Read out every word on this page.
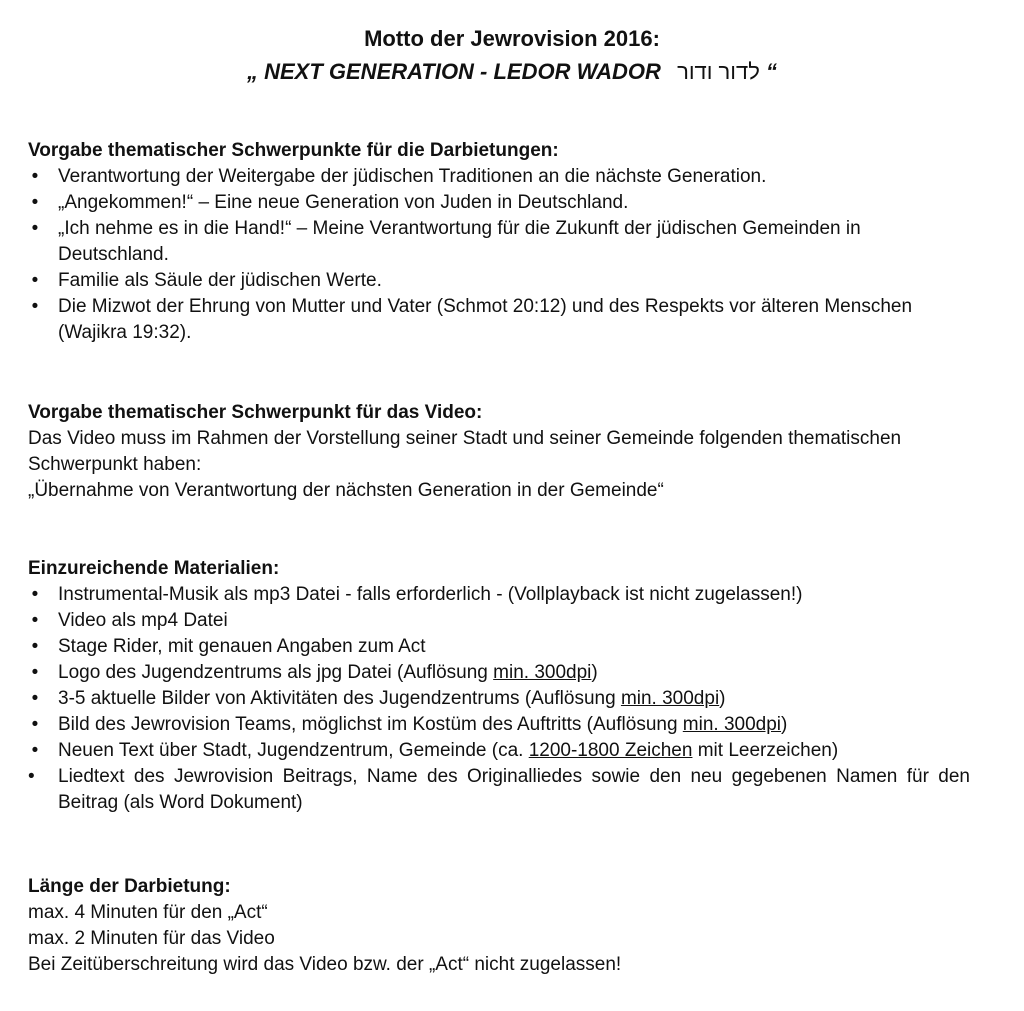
Motto der Jewrovision 2016:
„ NEXT GENERATION - LEDOR WADOR לדור ודור “
Vorgabe thematischer Schwerpunkte für die Darbietungen:
• Verantwortung der Weitergabe der jüdischen Traditionen an die nächste Generation.
• „Angekommen!“ – Eine neue Generation von Juden in Deutschland.
• „Ich nehme es in die Hand!“ – Meine Verantwortung für die Zukunft der jüdischen Gemeinden in Deutschland.
• Familie als Säule der jüdischen Werte.
• Die Mizwot der Ehrung von Mutter und Vater (Schmot 20:12) und des Respekts vor älteren Menschen (Wajikra 19:32).
Vorgabe thematischer Schwerpunkt für das Video:

Das Video muss im Rahmen der Vorstellung seiner Stadt und seiner Gemeinde folgenden thematischen Schwerpunkt haben:

„Übernahme von Verantwortung der nächsten Generation in der Gemeinde“

Einzureichende Materialien:
• Instrumental-Musik als mp3 Datei - falls erforderlich - (Vollplayback ist nicht zugelassen!)
• Video als mp4 Datei
• Stage Rider, mit genauen Angaben zum Act
• Logo des Jugendzentrums als jpg Datei (Auflösung min. 300dpi)
• 3-5 aktuelle Bilder von Aktivitäten des Jugendzentrums (Auflösung min. 300dpi)
• Bild des Jewrovision Teams, möglichst im Kostüm des Auftritts (Auflösung min. 300dpi)
• Neuen Text über Stadt, Jugendzentrum, Gemeinde (ca. 1200-1800 Zeichen mit Leerzeichen)
• Liedtext des Jewrovision Beitrags, Name des Originalliedes sowie den neu gegebenen Namen für den Beitrag (als Word Dokument)
Länge der Darbietung:
max. 4 Minuten für den „Act“
max. 2 Minuten für das Video
Bei Zeitüberschreitung wird das Video bzw. der „Act“ nicht zugelassen!
